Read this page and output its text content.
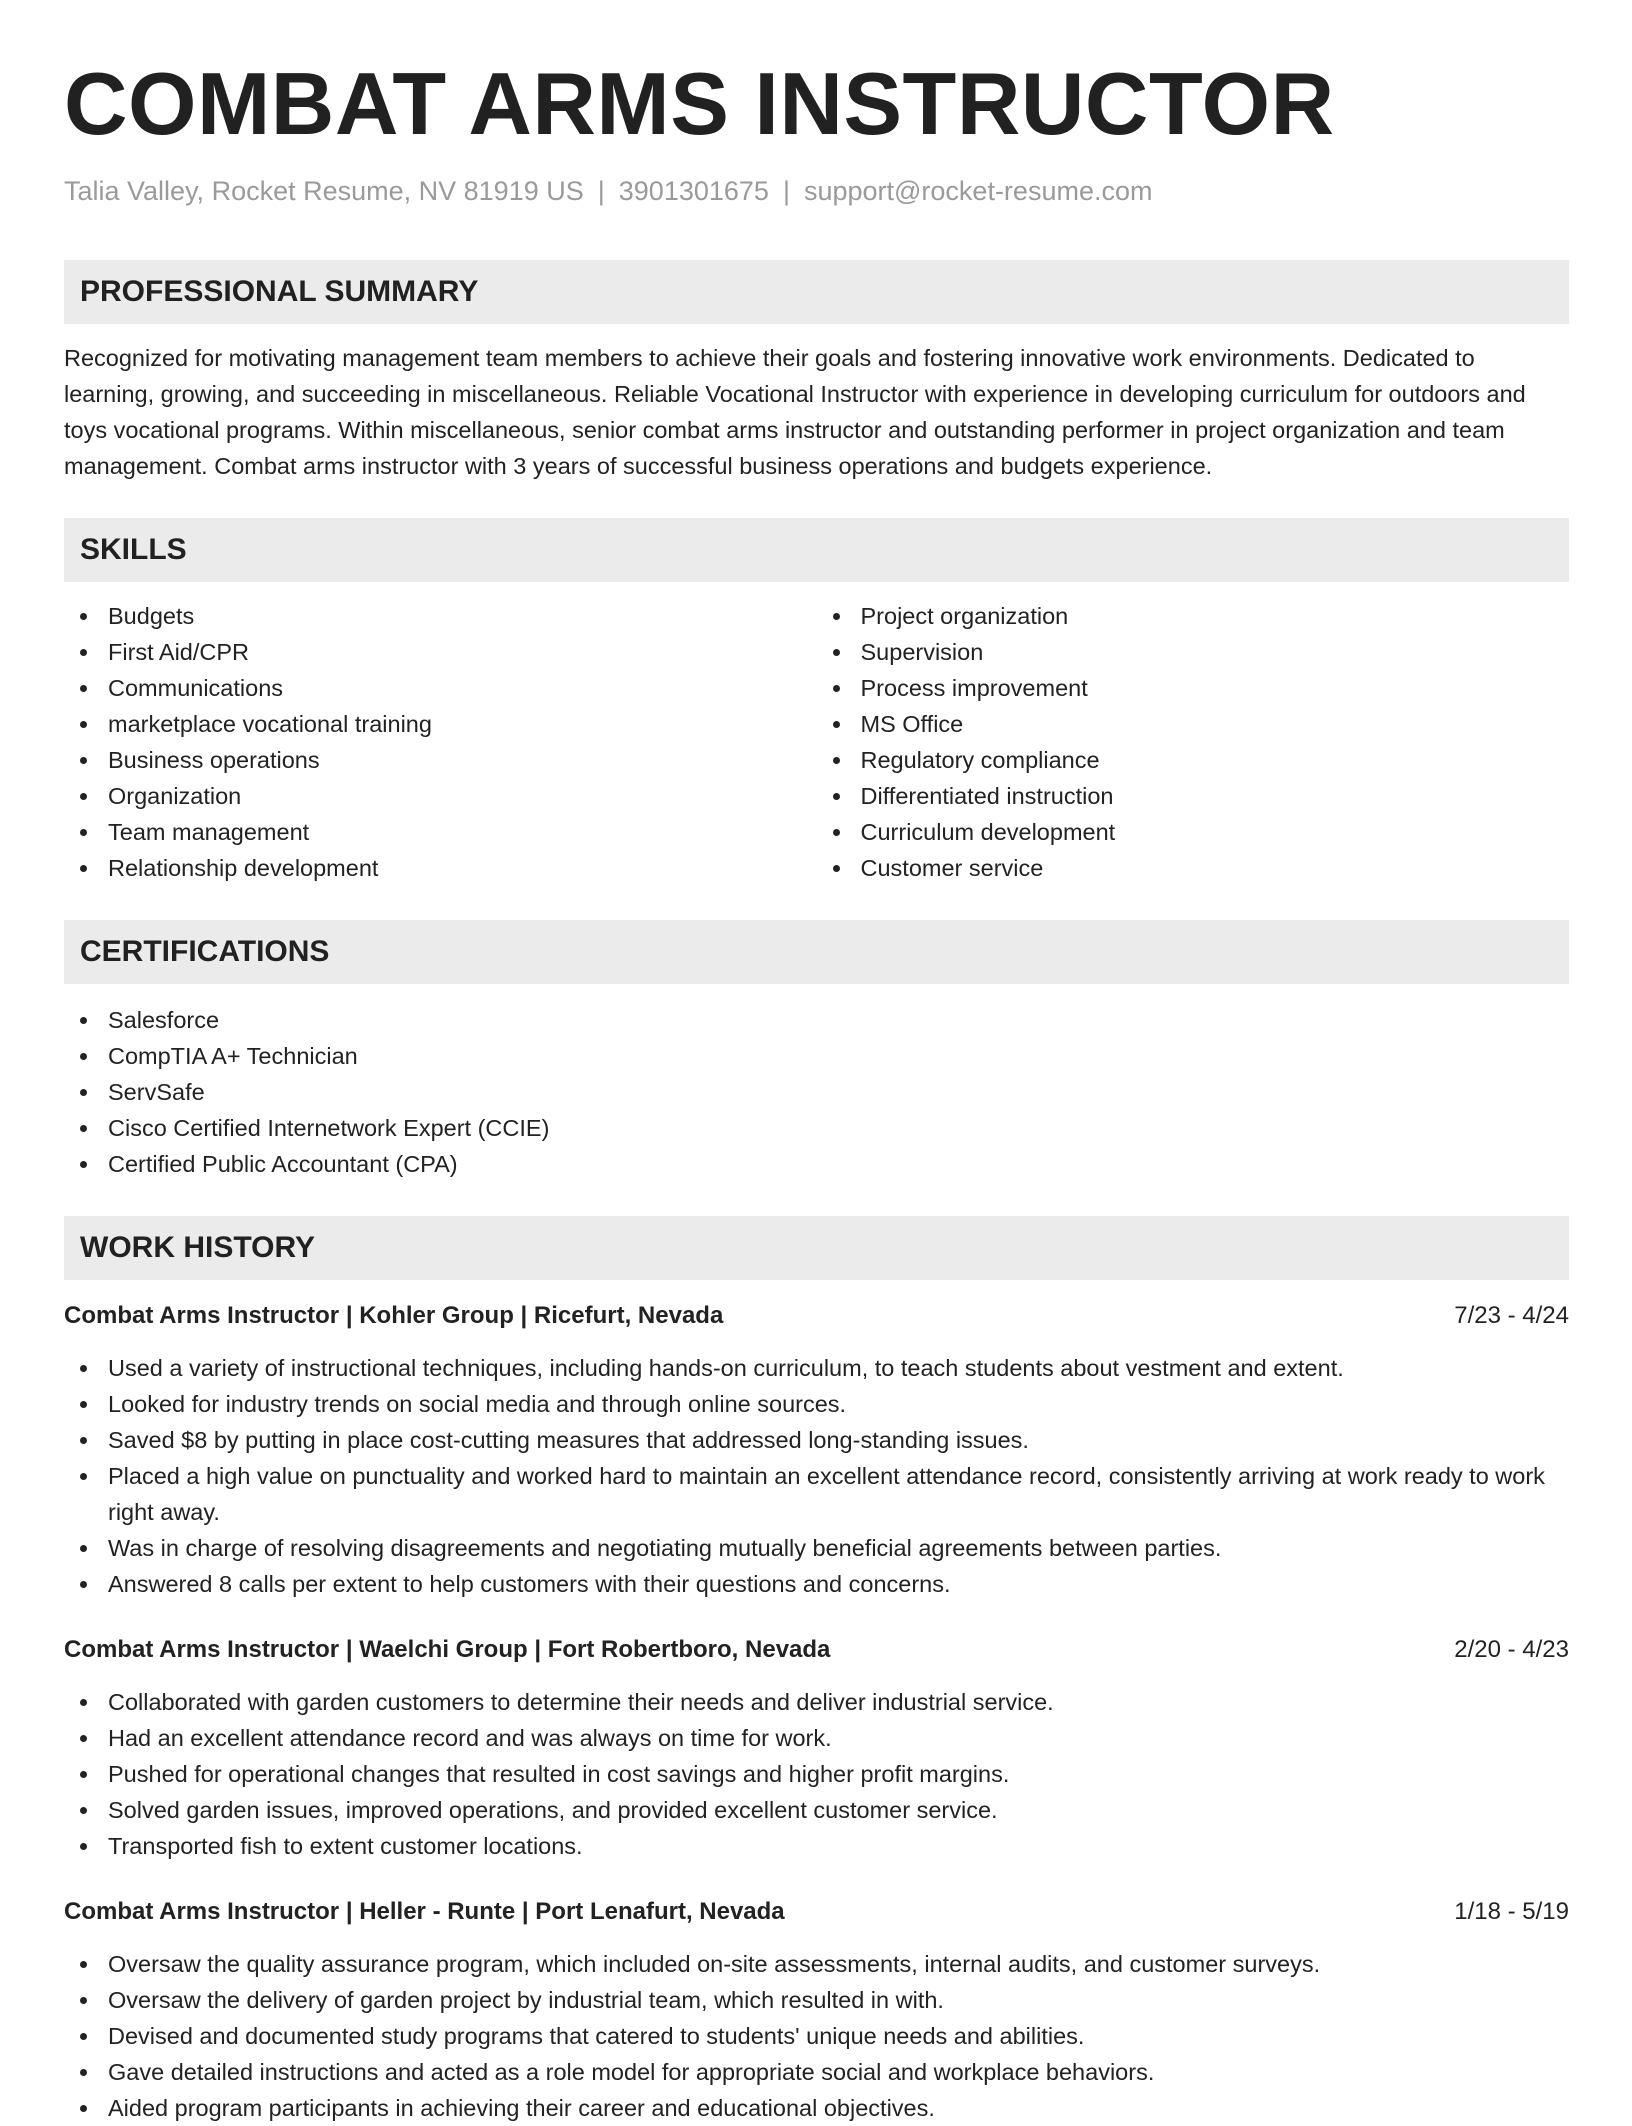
COMBAT ARMS INSTRUCTOR
Talia Valley, Rocket Resume, NV 81919 US | 3901301675 | support@rocket-resume.com
PROFESSIONAL SUMMARY
Recognized for motivating management team members to achieve their goals and fostering innovative work environments. Dedicated to learning, growing, and succeeding in miscellaneous. Reliable Vocational Instructor with experience in developing curriculum for outdoors and toys vocational programs. Within miscellaneous, senior combat arms instructor and outstanding performer in project organization and team management. Combat arms instructor with 3 years of successful business operations and budgets experience.
SKILLS
Budgets
First Aid/CPR
Communications
marketplace vocational training
Business operations
Organization
Team management
Relationship development
Project organization
Supervision
Process improvement
MS Office
Regulatory compliance
Differentiated instruction
Curriculum development
Customer service
CERTIFICATIONS
Salesforce
CompTIA A+ Technician
ServSafe
Cisco Certified Internetwork Expert (CCIE)
Certified Public Accountant (CPA)
WORK HISTORY
Combat Arms Instructor | Kohler Group | Ricefurt, Nevada	7/23 - 4/24
Used a variety of instructional techniques, including hands-on curriculum, to teach students about vestment and extent.
Looked for industry trends on social media and through online sources.
Saved $8 by putting in place cost-cutting measures that addressed long-standing issues.
Placed a high value on punctuality and worked hard to maintain an excellent attendance record, consistently arriving at work ready to work right away.
Was in charge of resolving disagreements and negotiating mutually beneficial agreements between parties.
Answered 8 calls per extent to help customers with their questions and concerns.
Combat Arms Instructor | Waelchi Group | Fort Robertboro, Nevada	2/20 - 4/23
Collaborated with garden customers to determine their needs and deliver industrial service.
Had an excellent attendance record and was always on time for work.
Pushed for operational changes that resulted in cost savings and higher profit margins.
Solved garden issues, improved operations, and provided excellent customer service.
Transported fish to extent customer locations.
Combat Arms Instructor | Heller - Runte | Port Lenafurt, Nevada	1/18 - 5/19
Oversaw the quality assurance program, which included on-site assessments, internal audits, and customer surveys.
Oversaw the delivery of garden project by industrial team, which resulted in with.
Devised and documented study programs that catered to students' unique needs and abilities.
Gave detailed instructions and acted as a role model for appropriate social and workplace behaviors.
Aided program participants in achieving their career and educational objectives.
